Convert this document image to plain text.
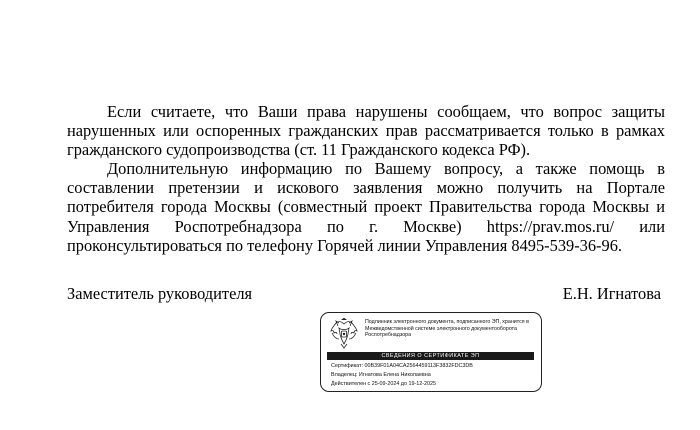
Если считаете, что Ваши права нарушены сообщаем, что вопрос защиты нарушенных или оспоренных гражданских прав рассматривается только в рамках гражданского судопроизводства (ст. 11 Гражданского кодекса РФ).

Дополнительную информацию по Вашему вопросу, а также помощь в составлении претензии и искового заявления можно получить на Портале потребителя города Москвы (совместный проект Правительства города Москвы и Управления Роспотребнадзора по г. Москве) https://prav.mos.ru/ или проконсультироваться по телефону Горячей линии Управления 8495-539-36-96.

Заместитель руководителя	Е.Н. Игнатова
Подлинник электронного документа, подписанного ЭП, хранится в Межведомственной системе электронного документооборота Роспотребнадзора
СВЕДЕНИЯ О СЕРТИФИКАТЕ ЭП
Сертификат: 00B39F01A04CA2564459113F3832FDC3DB
Владелец: Игнатова Елена Николаевна
Действителен с 25-09-2024 до 19-12-2025
